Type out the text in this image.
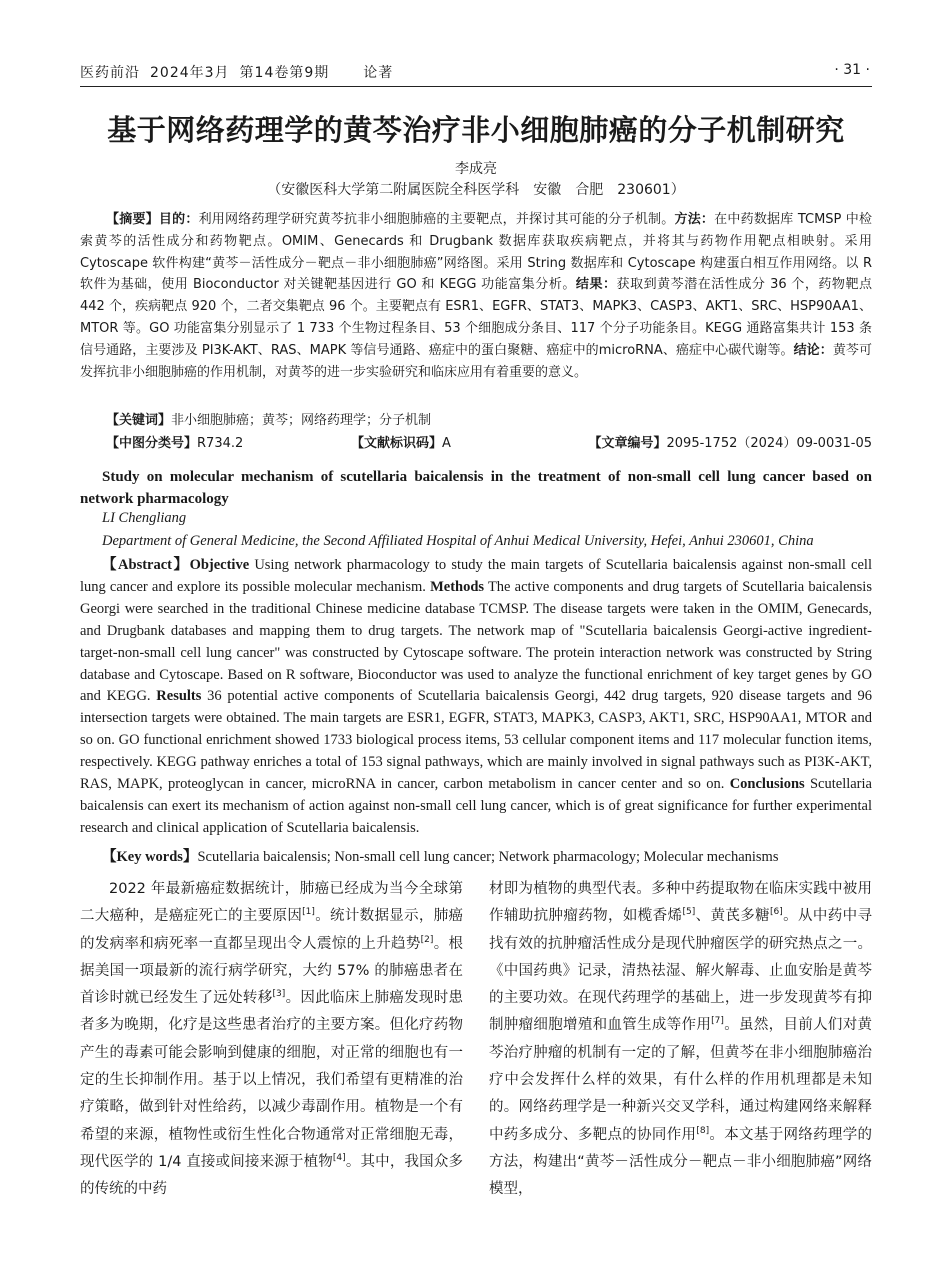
医药前沿 2024年3月 第14卷第9期 论著	· 31 ·
基于网络药理学的黄芩治疗非小细胞肺癌的分子机制研究
李成亮
（安徽医科大学第二附属医院全科医学科　安徽　合肥　230601）
【摘要】目的：利用网络药理学研究黄芩抗非小细胞肺癌的主要靶点，并探讨其可能的分子机制。方法：在中药数据库 TCMSP 中检索黄芩的活性成分和药物靶点。OMIM、Genecards 和 Drugbank 数据库获取疾病靶点，并将其与药物作用靶点相映射。采用 Cytoscape 软件构建“黄芩－活性成分－靶点－非小细胞肺癌”网络图。采用 String 数据库和 Cytoscape 构建蛋白相互作用网络。以 R 软件为基础，使用 Bioconductor 对关键靶基因进行 GO 和 KEGG 功能富集分析。结果：获取到黄芩潜在活性成分 36 个，药物靶点 442 个，疾病靶点 920 个，二者交集靶点 96 个。主要靶点有 ESR1、EGFR、STAT3、MAPK3、CASP3、AKT1、SRC、HSP90AA1、MTOR 等。GO 功能富集分别显示了 1 733 个生物过程条目、53 个细胞成分条目、117 个分子功能条目。KEGG 通路富集共计 153 条信号通路，主要涉及 PI3K-AKT、RAS、MAPK 等信号通路、癌症中的蛋白聚糖、癌症中的microRNA、癌症中心碳代谢等。结论：黄芩可发挥抗非小细胞肺癌的作用机制，对黄芩的进一步实验研究和临床应用有着重要的意义。
【关键词】非小细胞肺癌；黄芩；网络药理学；分子机制
【中图分类号】R734.2	【文献标识码】A	【文章编号】2095-1752（2024）09-0031-05
Study on molecular mechanism of scutellaria baicalensis in the treatment of non-small cell lung cancer based on network pharmacology
LI Chengliang
Department of General Medicine, the Second Affiliated Hospital of Anhui Medical University, Hefei, Anhui 230601, China
【Abstract】Objective Using network pharmacology to study the main targets of Scutellaria baicalensis against non-small cell lung cancer and explore its possible molecular mechanism. Methods The active components and drug targets of Scutellaria baicalensis Georgi were searched in the traditional Chinese medicine database TCMSP. The disease targets were taken in the OMIM, Genecards, and Drugbank databases and mapping them to drug targets. The network map of "Scutellaria baicalensis Georgi-active ingredient-target-non-small cell lung cancer" was constructed by Cytoscape software. The protein interaction network was constructed by String database and Cytoscape. Based on R software, Bioconductor was used to analyze the functional enrichment of key target genes by GO and KEGG. Results 36 potential active components of Scutellaria baicalensis Georgi, 442 drug targets, 920 disease targets and 96 intersection targets were obtained. The main targets are ESR1, EGFR, STAT3, MAPK3, CASP3, AKT1, SRC, HSP90AA1, MTOR and so on. GO functional enrichment showed 1733 biological process items, 53 cellular component items and 117 molecular function items, respectively. KEGG pathway enriches a total of 153 signal pathways, which are mainly involved in signal pathways such as PI3K-AKT, RAS, MAPK, proteoglycan in cancer, microRNA in cancer, carbon metabolism in cancer center and so on. Conclusions Scutellaria baicalensis can exert its mechanism of action against non-small cell lung cancer, which is of great significance for further experimental research and clinical application of Scutellaria baicalensis.
【Key words】Scutellaria baicalensis; Non-small cell lung cancer; Network pharmacology; Molecular mechanisms
2022 年最新癌症数据统计，肺癌已经成为当今全球第二大癌种，是癌症死亡的主要原因[1]。统计数据显示，肺癌的发病率和病死率一直都呈现出令人震惊的上升趋势[2]。根据美国一项最新的流行病学研究，大约 57% 的肺癌患者在首诊时就已经发生了远处转移[3]。因此临床上肺癌发现时患者多为晚期，化疗是这些患者治疗的主要方案。但化疗药物产生的毒素可能会影响到健康的细胞，对正常的细胞也有一定的生长抑制作用。基于以上情况，我们希望有更精准的治疗策略，做到针对性给药，以减少毒副作用。植物是一个有希望的来源，植物性或衍生性化合物通常对正常细胞无毒，现代医学的 1/4 直接或间接来源于植物[4]。其中，我国众多的传统的中药
材即为植物的典型代表。多种中药提取物在临床实践中被用作辅助抗肿瘤药物，如榄香烯[5]、黄芪多糖[6]。从中药中寻找有效的抗肿瘤活性成分是现代肿瘤医学的研究热点之一。《中国药典》记录，清热祛湿、解火解毒、止血安胎是黄芩的主要功效。在现代药理学的基础上，进一步发现黄芩有抑制肿瘤细胞增殖和血管生成等作用[7]。虽然，目前人们对黄芩治疗肿瘤的机制有一定的了解，但黄芩在非小细胞肺癌治疗中会发挥什么样的效果，有什么样的作用机理都是未知的。网络药理学是一种新兴交叉学科，通过构建网络来解释中药多成分、多靶点的协同作用[8]。本文基于网络药理学的方法，构建出“黄芩－活性成分－靶点－非小细胞肺癌”网络模型，
